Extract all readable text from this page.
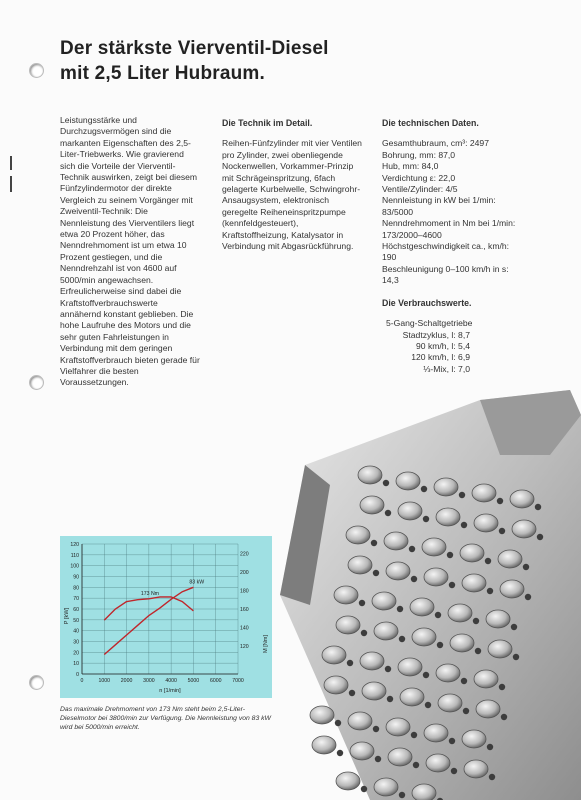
Der stärkste Vierventil-Diesel
mit 2,5 Liter Hubraum.

Leistungsstärke und Durchzugsvermögen sind die markanten Eigenschaften des 2,5-Liter-Triebwerks. Wie gravierend sich die Vorteile der Vierventil-Technik auswirken, zeigt bei diesem Fünfzylindermotor der direkte Vergleich zu seinem Vorgänger mit Zweiventil-Technik: Die Nennleistung des Vierventilers liegt etwa 20 Prozent höher, das Nenndrehmoment ist um etwa 10 Prozent gestiegen, und die Nenndrehzahl ist von 4600 auf 5000/min angewachsen. Erfreulicherweise sind dabei die Kraftstoffverbrauchswerte annähernd konstant geblieben. Die hohe Laufruhe des Motors und die sehr guten Fahrleistungen in Verbindung mit dem geringen Kraftstoffverbrauch bieten gerade für Vielfahrer die besten Voraussetzungen.

Die Technik im Detail.

Reihen-Fünfzylinder mit vier Ventilen pro Zylinder, zwei obenliegende Nockenwellen, Vorkammer-Prinzip mit Schrägeinspritzung, 6fach gelagerte Kurbelwelle, Schwingrohr-Ansaugsystem, elektronisch geregelte Reiheneinspritzpumpe (kennfeldgesteuert), Kraftstoffheizung, Katalysator in Verbindung mit Abgasrückführung.

Die technischen Daten.
Gesamthubraum, cm³: 2497
Bohrung, mm: 87,0
Hub, mm: 84,0
Verdichtung ε: 22,0
Ventile/Zylinder: 4/5
Nennleistung in kW bei 1/min:
83/5000
Nenndrehmoment in Nm bei 1/min:
173/2000–4600
Höchstgeschwindigkeit ca., km/h:
190
Beschleunigung 0–100 km/h in s:
14,3
Die Verbrauchswerte.
5-Gang-Schaltgetriebe
Stadtzyklus, l: 8,7
90 km/h, l: 5,4
120 km/h, l: 6,9
⅓-Mix, l: 7,0
0
10
20
30
40
50
60
70
80
90
100
110
120
120
140
160
180
200
220
0	1000 2000 3000 4000 5000 6000 7000
P [kW]
M [Nm]
n [1/min]
83 kW
173 Nm
Das maximale Drehmoment von 173 Nm steht beim 2,5-Liter-Dieselmotor bei 3800/min zur Verfügung. Die Nennleistung von 83 kW wird bei 5000/min erreicht.
